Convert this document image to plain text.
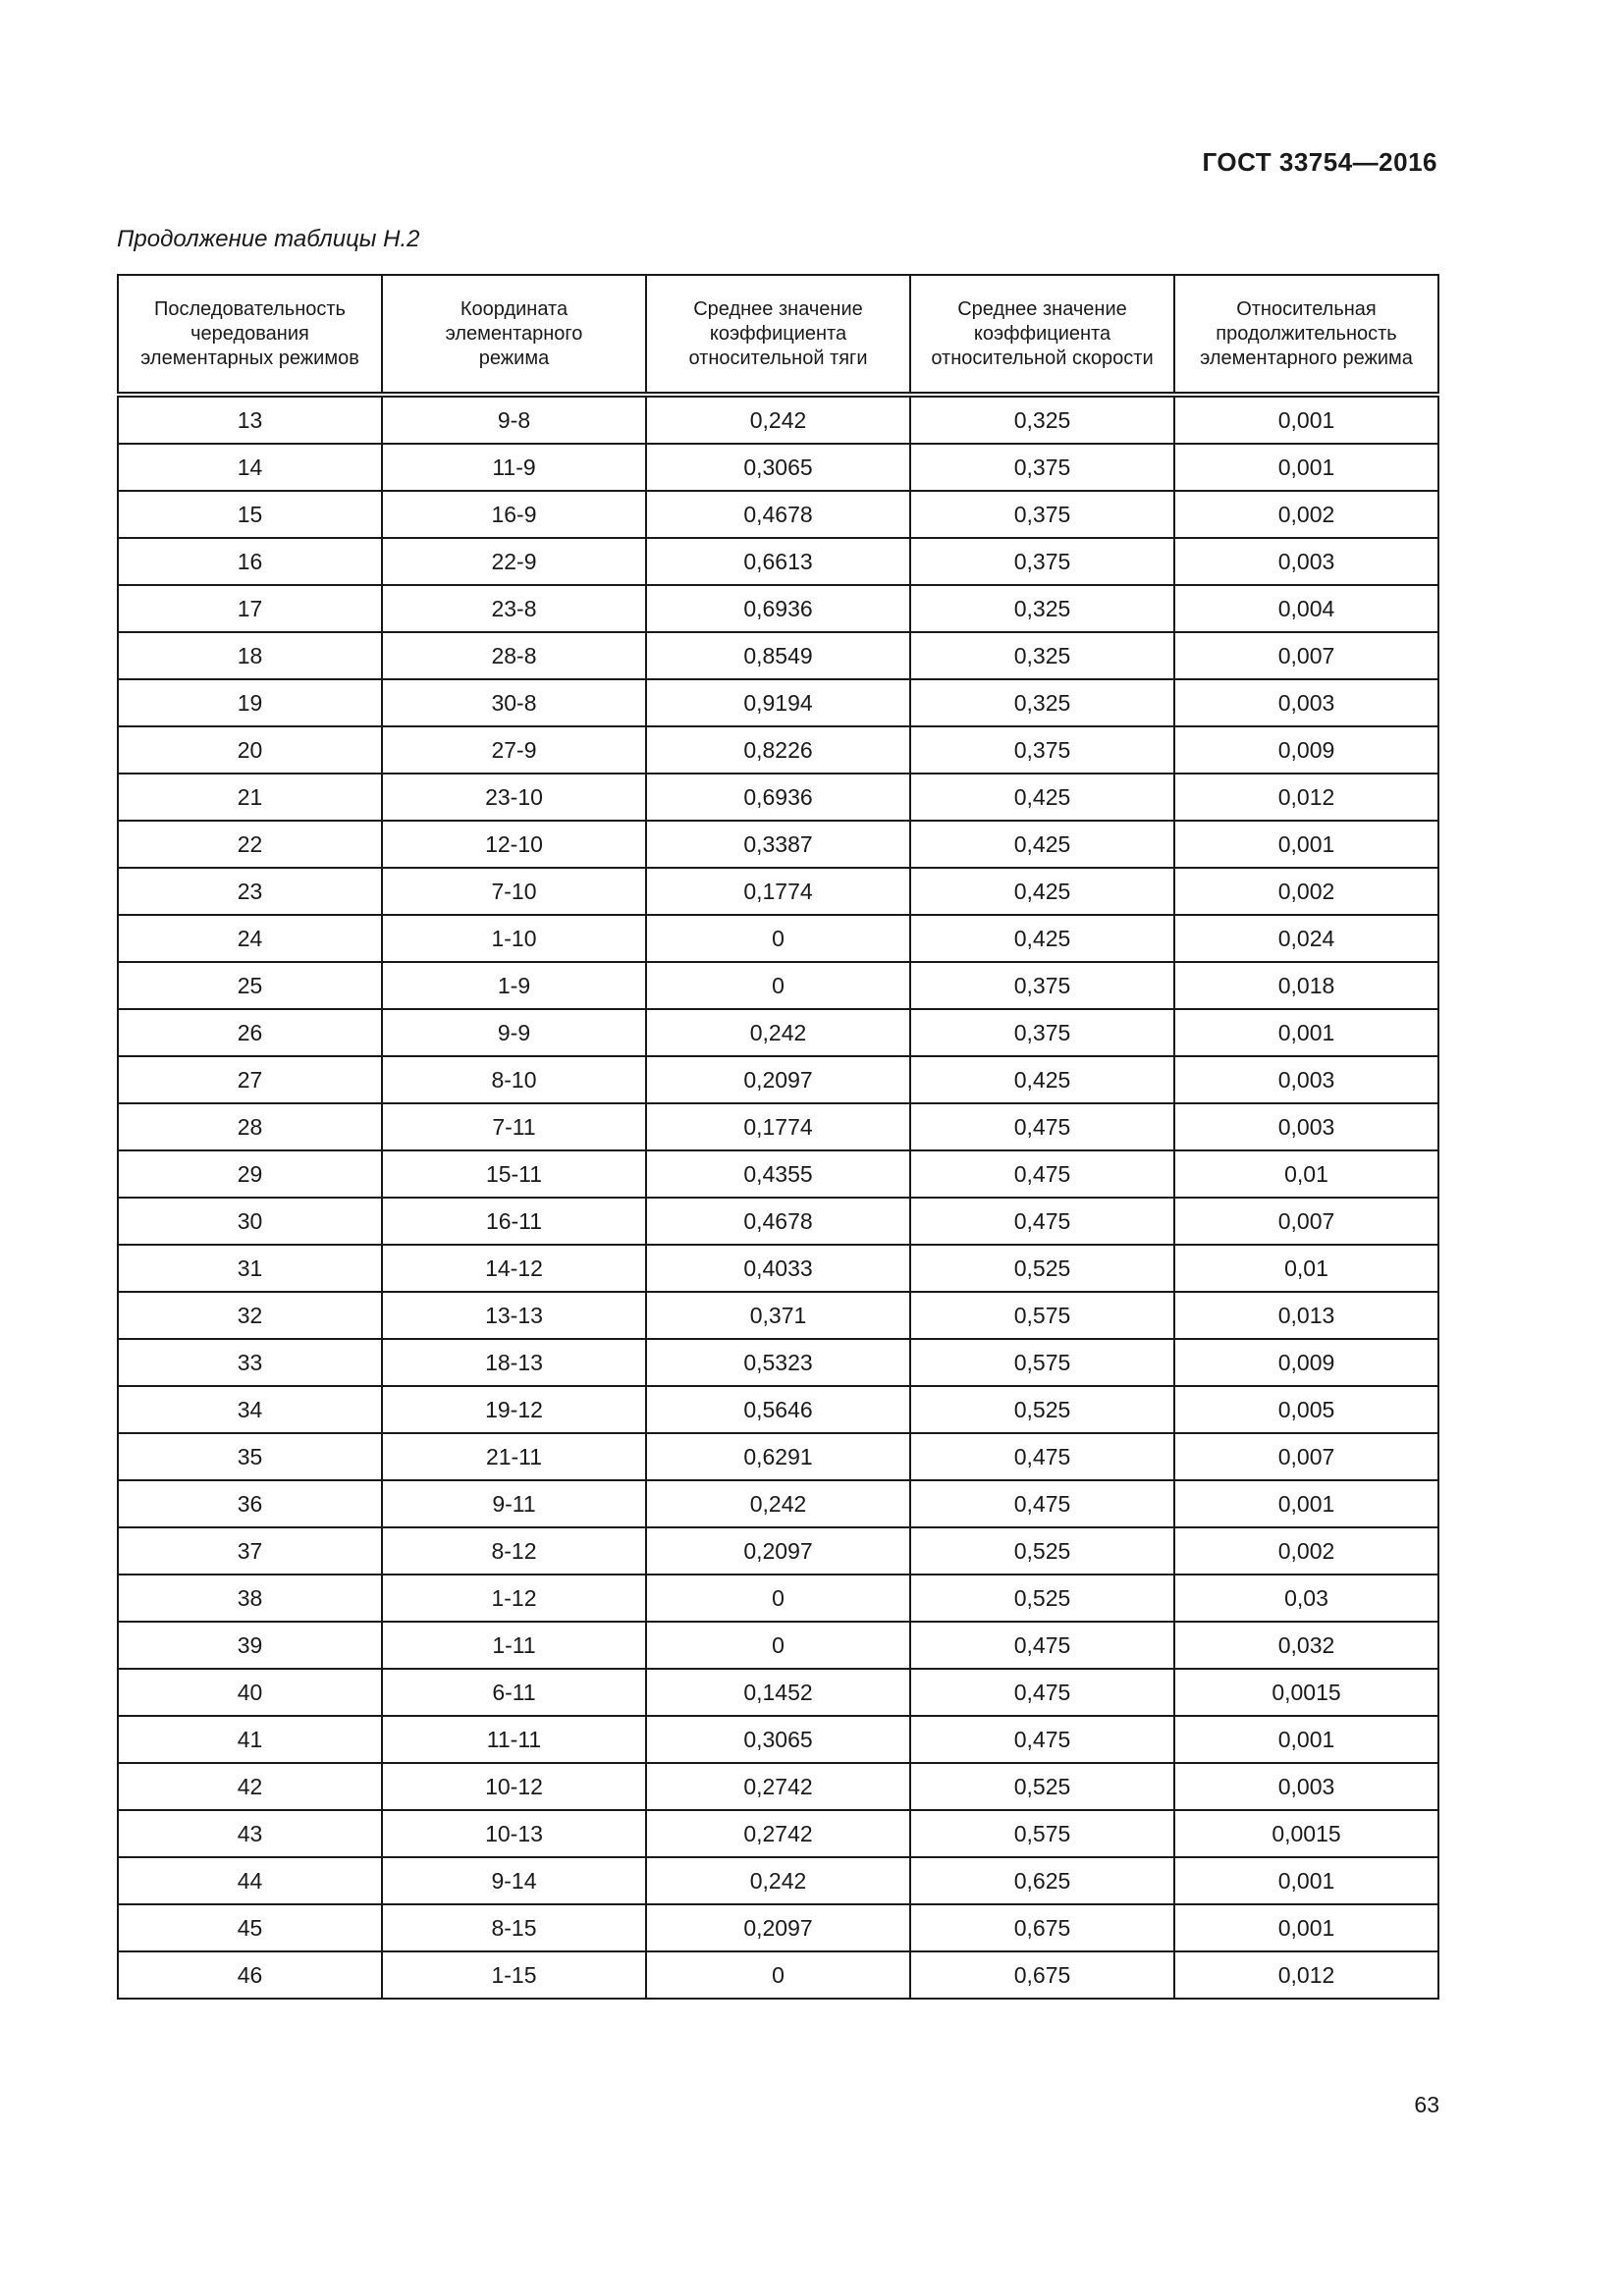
ГОСТ 33754—2016
Продолжение таблицы Н.2
Последовательность чередования элементарных режимов	Координата элементарного режима	Среднее значение коэффициента относительной тяги	Среднее значение коэффициента относительной скорости	Относительная продолжительность элементарного режима

13	9-8	0,242	0,325	0,001
14	11-9	0,3065	0,375	0,001
15	16-9	0,4678	0,375	0,002
16	22-9	0,6613	0,375	0,003
17	23-8	0,6936	0,325	0,004
18	28-8	0,8549	0,325	0,007
19	30-8	0,9194	0,325	0,003
20	27-9	0,8226	0,375	0,009
21	23-10	0,6936	0,425	0,012
22	12-10	0,3387	0,425	0,001
23	7-10	0,1774	0,425	0,002
24	1-10	0	0,425	0,024
25	1-9	0	0,375	0,018
26	9-9	0,242	0,375	0,001
27	8-10	0,2097	0,425	0,003
28	7-11	0,1774	0,475	0,003
29	15-11	0,4355	0,475	0,01
30	16-11	0,4678	0,475	0,007
31	14-12	0,4033	0,525	0,01
32	13-13	0,371	0,575	0,013
33	18-13	0,5323	0,575	0,009
34	19-12	0,5646	0,525	0,005
35	21-11	0,6291	0,475	0,007
36	9-11	0,242	0,475	0,001
37	8-12	0,2097	0,525	0,002
38	1-12	0	0,525	0,03
39	1-11	0	0,475	0,032
40	6-11	0,1452	0,475	0,0015
41	11-11	0,3065	0,475	0,001
42	10-12	0,2742	0,525	0,003
43	10-13	0,2742	0,575	0,0015
44	9-14	0,242	0,625	0,001
45	8-15	0,2097	0,675	0,001
46	1-15	0	0,675	0,012
63
